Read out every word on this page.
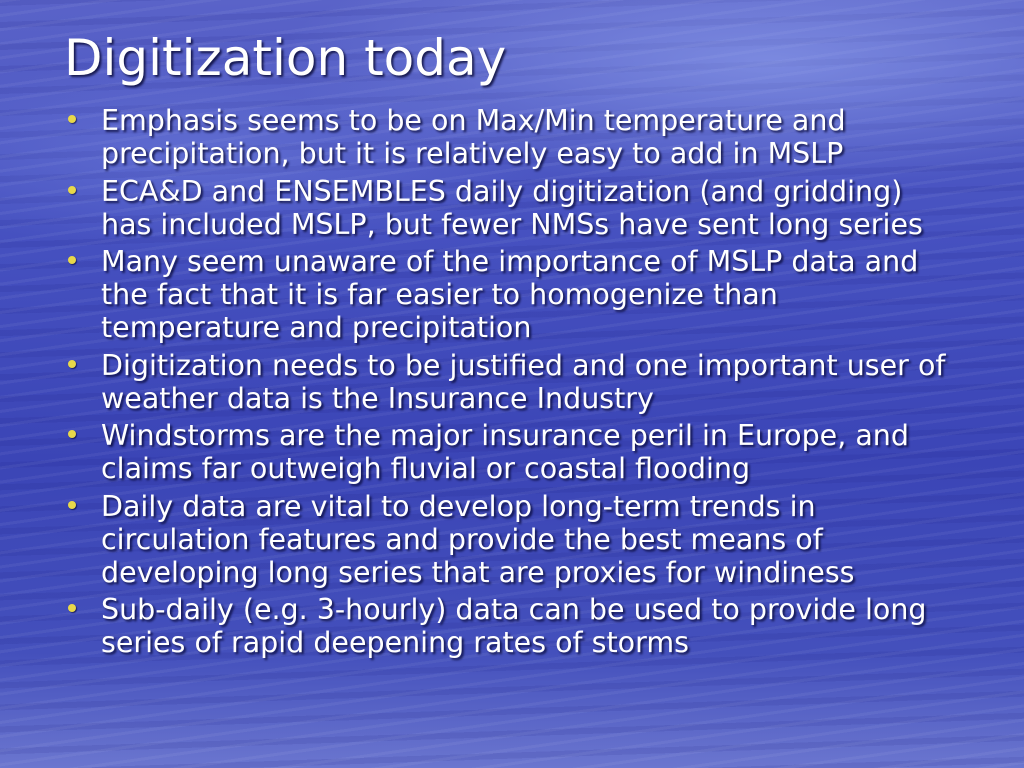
Digitization today
Emphasis seems to be on Max/Min temperature and precipitation, but it is relatively easy to add in MSLP
ECA&D and ENSEMBLES daily digitization (and gridding) has included MSLP, but fewer NMSs have sent long series
Many seem unaware of the importance of MSLP data and the fact that it is far easier to homogenize than temperature and precipitation
Digitization needs to be justified and one important user of weather data is the Insurance Industry
Windstorms are the major insurance peril in Europe, and claims far outweigh fluvial or coastal flooding
Daily data are vital to develop long-term trends in circulation features and provide the best means of developing long series that are proxies for windiness
Sub-daily (e.g. 3-hourly) data can be used to provide long series of rapid deepening rates of storms
